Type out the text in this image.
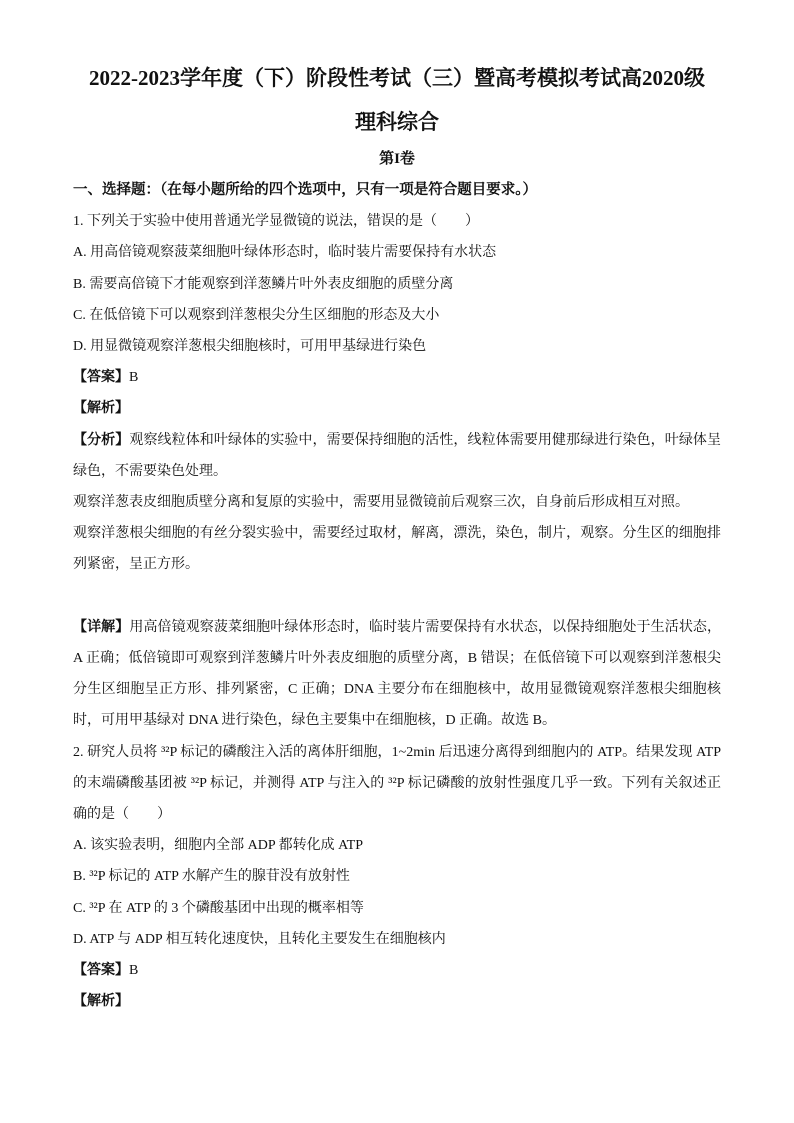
2022-2023学年度（下）阶段性考试（三）暨高考模拟考试高2020级

理科综合

第I卷

一、选择题：（在每小题所给的四个选项中，只有一项是符合题目要求。）

1. 下列关于实验中使用普通光学显微镜的说法，错误的是（　　）

A. 用高倍镜观察菠菜细胞叶绿体形态时，临时装片需要保持有水状态

B. 需要高倍镜下才能观察到洋葱鳞片叶外表皮细胞的质壁分离

C. 在低倍镜下可以观察到洋葱根尖分生区细胞的形态及大小

D. 用显微镜观察洋葱根尖细胞核时，可用甲基绿进行染色

【答案】B

【解析】

【分析】观察线粒体和叶绿体的实验中，需要保持细胞的活性，线粒体需要用健那绿进行染色，叶绿体呈绿色，不需要染色处理。

观察洋葱表皮细胞质壁分离和复原的实验中，需要用显微镜前后观察三次，自身前后形成相互对照。

观察洋葱根尖细胞的有丝分裂实验中，需要经过取材，解离，漂洗，染色，制片，观察。分生区的细胞排列紧密，呈正方形。

【详解】用高倍镜观察菠菜细胞叶绿体形态时，临时装片需要保持有水状态，以保持细胞处于生活状态，A 正确；低倍镜即可观察到洋葱鳞片叶外表皮细胞的质壁分离，B 错误；在低倍镜下可以观察到洋葱根尖分生区细胞呈正方形、排列紧密，C 正确；DNA 主要分布在细胞核中，故用显微镜观察洋葱根尖细胞核时，可用甲基绿对 DNA 进行染色，绿色主要集中在细胞核，D 正确。故选 B。

2. 研究人员将 ³²P 标记的磷酸注入活的离体肝细胞，1~2min 后迅速分离得到细胞内的 ATP。结果发现 ATP 的末端磷酸基团被 ³²P 标记，并测得 ATP 与注入的 ³²P 标记磷酸的放射性强度几乎一致。下列有关叙述正确的是（　　）

A. 该实验表明，细胞内全部 ADP 都转化成 ATP

B. ³²P 标记的 ATP 水解产生的腺苷没有放射性

C. ³²P 在 ATP 的 3 个磷酸基团中出现的概率相等

D. ATP 与 ADP 相互转化速度快，且转化主要发生在细胞核内

【答案】B

【解析】
